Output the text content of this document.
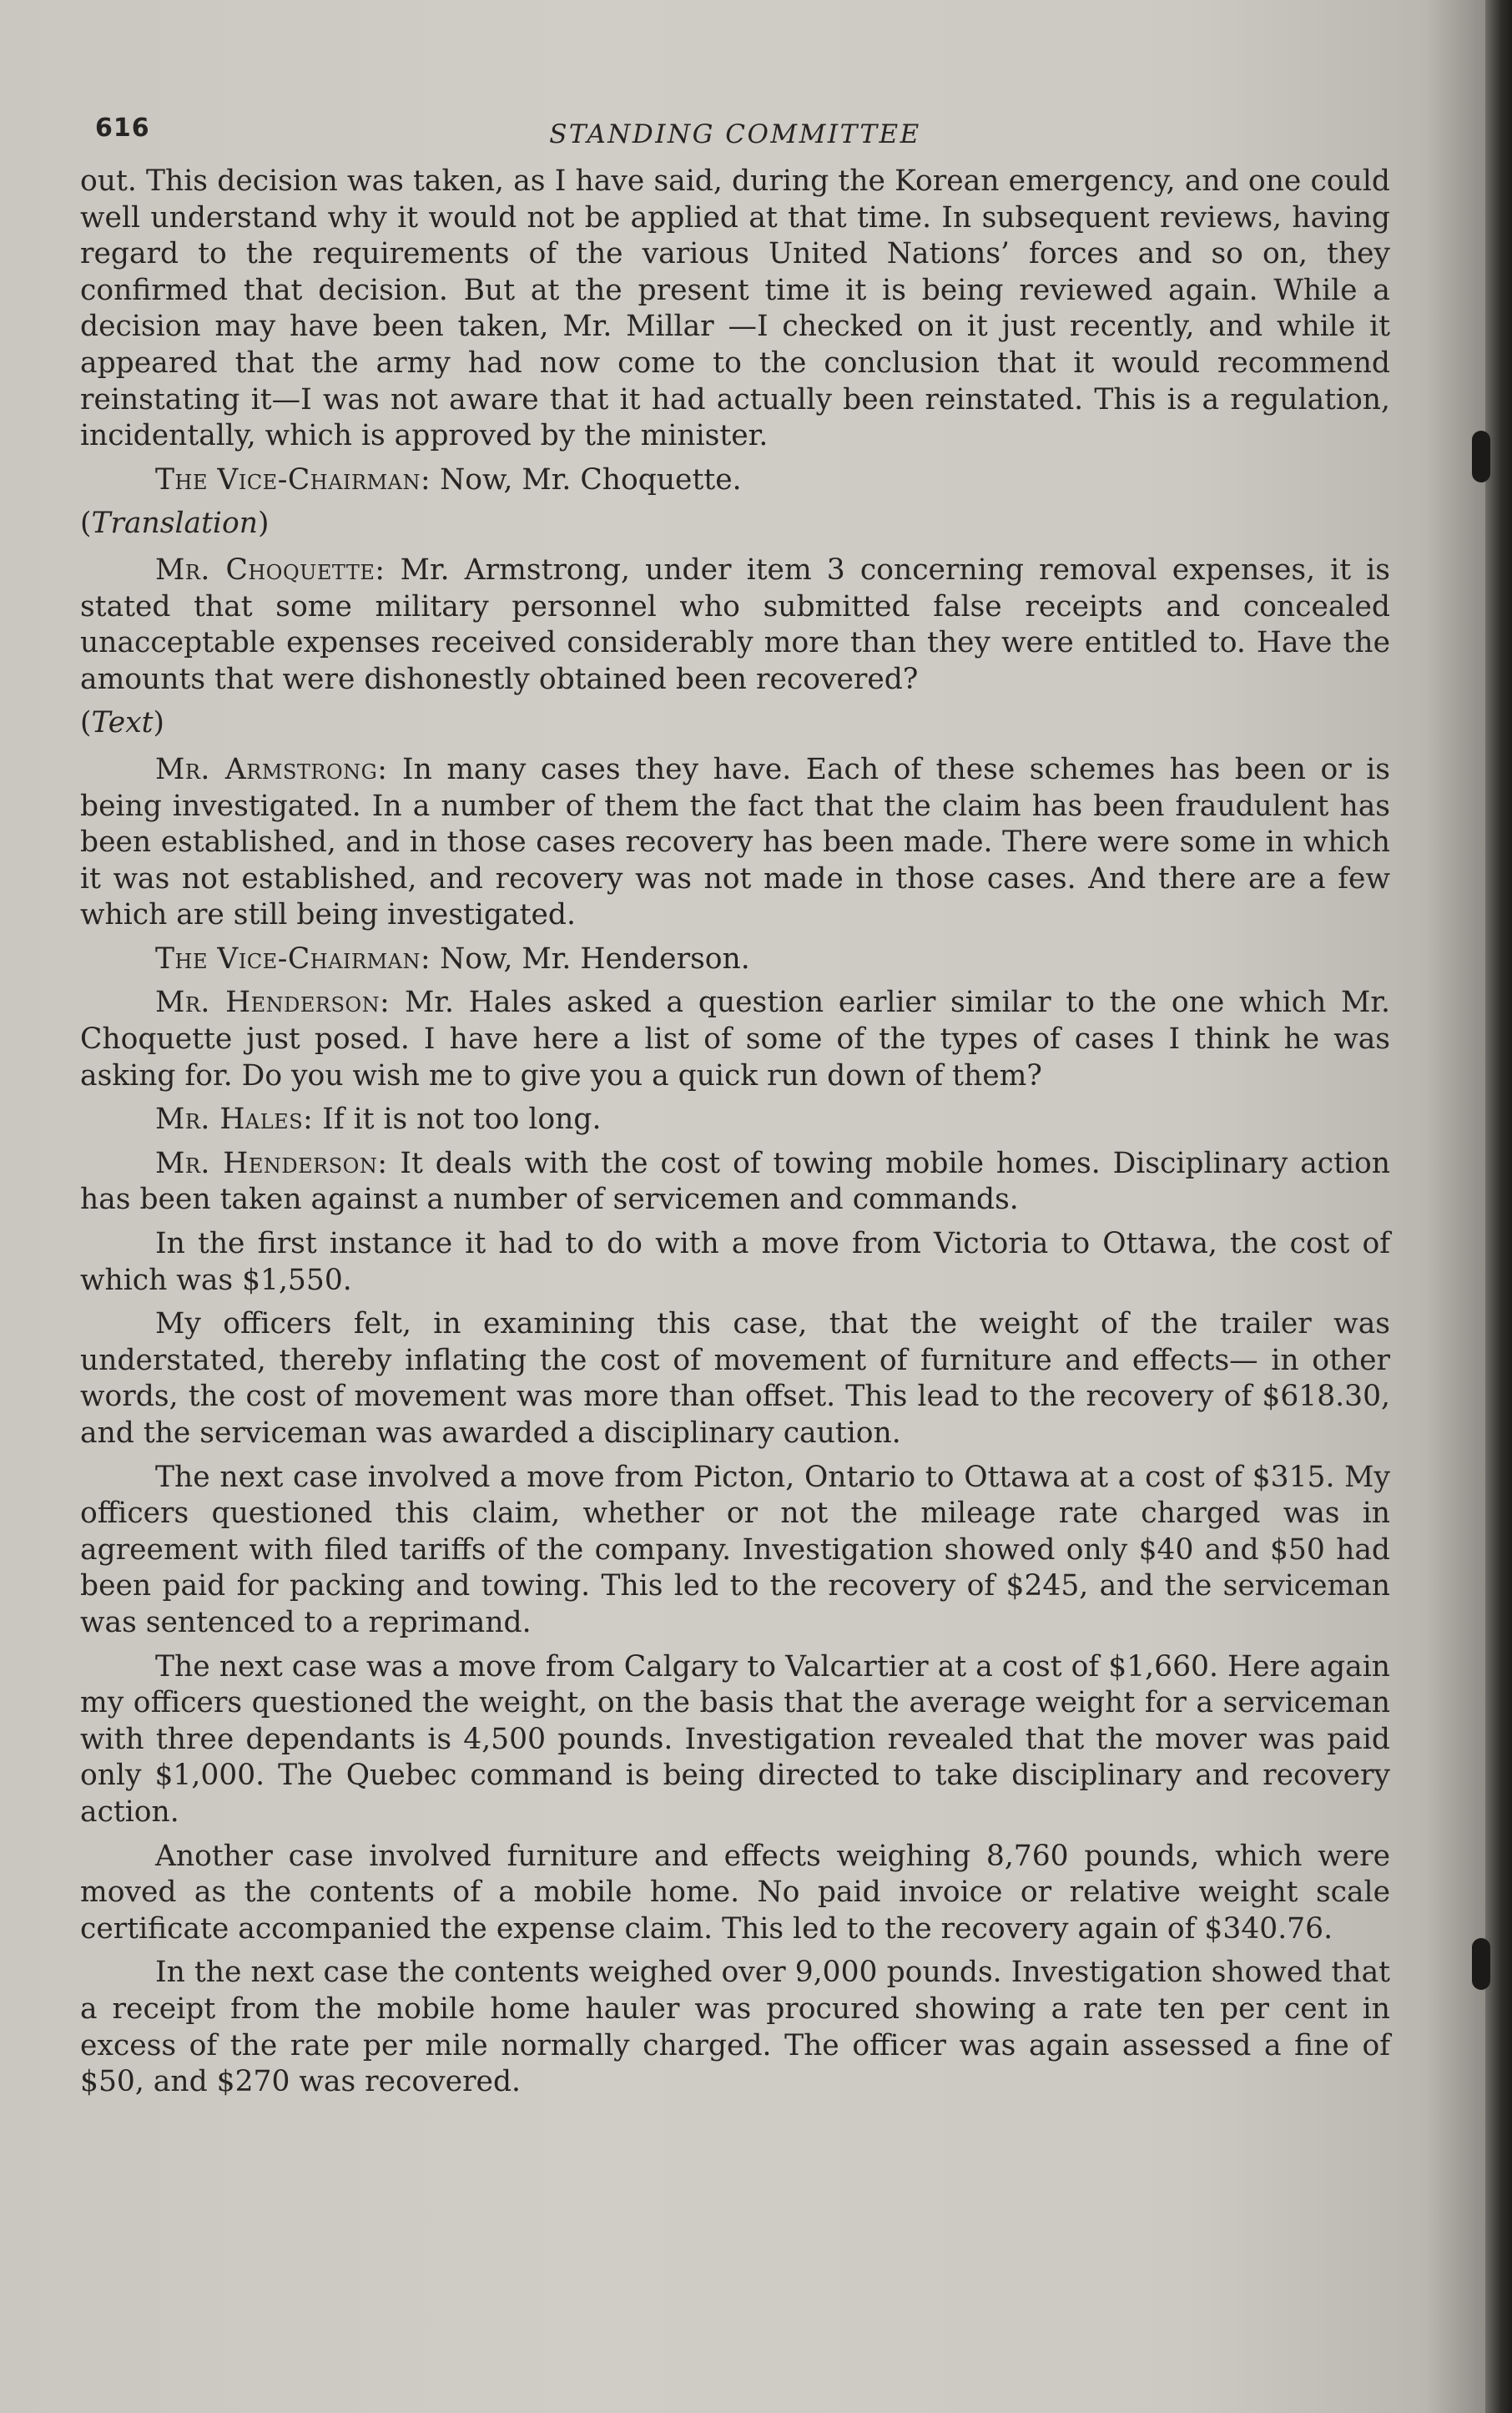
616	STANDING COMMITTEE

out. This decision was taken, as I have said, during the Korean emergency, and one could well understand why it would not be applied at that time. In subsequent reviews, having regard to the requirements of the various United Nations’ forces and so on, they confirmed that decision. But at the present time it is being reviewed again. While a decision may have been taken, Mr. Millar —I checked on it just recently, and while it appeared that the army had now come to the conclusion that it would recommend reinstating it—I was not aware that it had actually been reinstated. This is a regulation, incidentally, which is approved by the minister.

The Vice-Chairman: Now, Mr. Choquette.

(Translation)

Mr. Choquette: Mr. Armstrong, under item 3 concerning removal expenses, it is stated that some military personnel who submitted false receipts and concealed unacceptable expenses received considerably more than they were entitled to. Have the amounts that were dishonestly obtained been recovered?

(Text)

Mr. Armstrong: In many cases they have. Each of these schemes has been or is being investigated. In a number of them the fact that the claim has been fraudulent has been established, and in those cases recovery has been made. There were some in which it was not established, and recovery was not made in those cases. And there are a few which are still being investigated.

The Vice-Chairman: Now, Mr. Henderson.

Mr. Henderson: Mr. Hales asked a question earlier similar to the one which Mr. Choquette just posed. I have here a list of some of the types of cases I think he was asking for. Do you wish me to give you a quick run down of them?

Mr. Hales: If it is not too long.

Mr. Henderson: It deals with the cost of towing mobile homes. Disciplinary action has been taken against a number of servicemen and commands.

In the first instance it had to do with a move from Victoria to Ottawa, the cost of which was $1,550.

My officers felt, in examining this case, that the weight of the trailer was understated, thereby inflating the cost of movement of furniture and effects— in other words, the cost of movement was more than offset. This lead to the recovery of $618.30, and the serviceman was awarded a disciplinary caution.

The next case involved a move from Picton, Ontario to Ottawa at a cost of $315. My officers questioned this claim, whether or not the mileage rate charged was in agreement with filed tariffs of the company. Investigation showed only $40 and $50 had been paid for packing and towing. This led to the recovery of $245, and the serviceman was sentenced to a reprimand.

The next case was a move from Calgary to Valcartier at a cost of $1,660. Here again my officers questioned the weight, on the basis that the average weight for a serviceman with three dependants is 4,500 pounds. Investigation revealed that the mover was paid only $1,000. The Quebec command is being directed to take disciplinary and recovery action.

Another case involved furniture and effects weighing 8,760 pounds, which were moved as the contents of a mobile home. No paid invoice or relative weight scale certificate accompanied the expense claim. This led to the recovery again of $340.76.

In the next case the contents weighed over 9,000 pounds. Investigation showed that a receipt from the mobile home hauler was procured showing a rate ten per cent in excess of the rate per mile normally charged. The officer was again assessed a fine of $50, and $270 was recovered.
